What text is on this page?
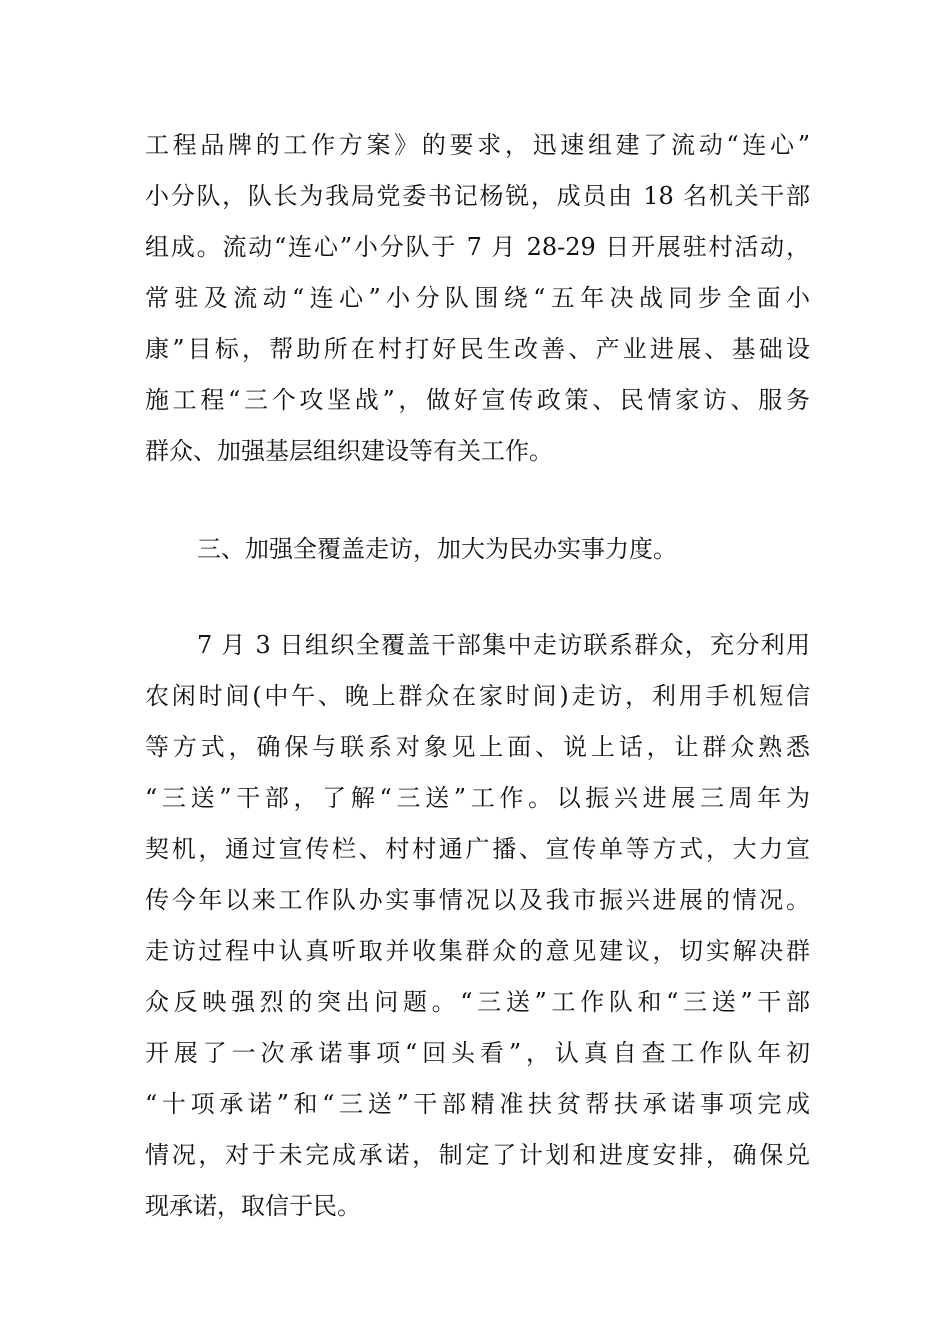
工程品牌的工作方案》的要求，迅速组建了流动“连心”
小分队，队长为我局党委书记杨锐，成员由 18 名机关干部
组成。流动“连心”小分队于 7 月 28-29 日开展驻村活动，
常驻及流动“连心”小分队围绕“五年决战同步全面小
康”目标，帮助所在村打好民生改善、产业进展、基础设
施工程“三个攻坚战”，做好宣传政策、民情家访、服务
群众、加强基层组织建设等有关工作。
三、加强全覆盖走访，加大为民办实事力度。
7 月 3 日组织全覆盖干部集中走访联系群众，充分利用
农闲时间(中午、晚上群众在家时间)走访，利用手机短信
等方式，确保与联系对象见上面、说上话，让群众熟悉
“三送”干部，了解“三送”工作。以振兴进展三周年为
契机，通过宣传栏、村村通广播、宣传单等方式，大力宣
传今年以来工作队办实事情况以及我市振兴进展的情况。
走访过程中认真听取并收集群众的意见建议，切实解决群
众反映强烈的突出问题。“三送”工作队和“三送”干部
开展了一次承诺事项“回头看”，认真自查工作队年初
“十项承诺”和“三送”干部精准扶贫帮扶承诺事项完成
情况，对于未完成承诺，制定了计划和进度安排，确保兑
现承诺，取信于民。
